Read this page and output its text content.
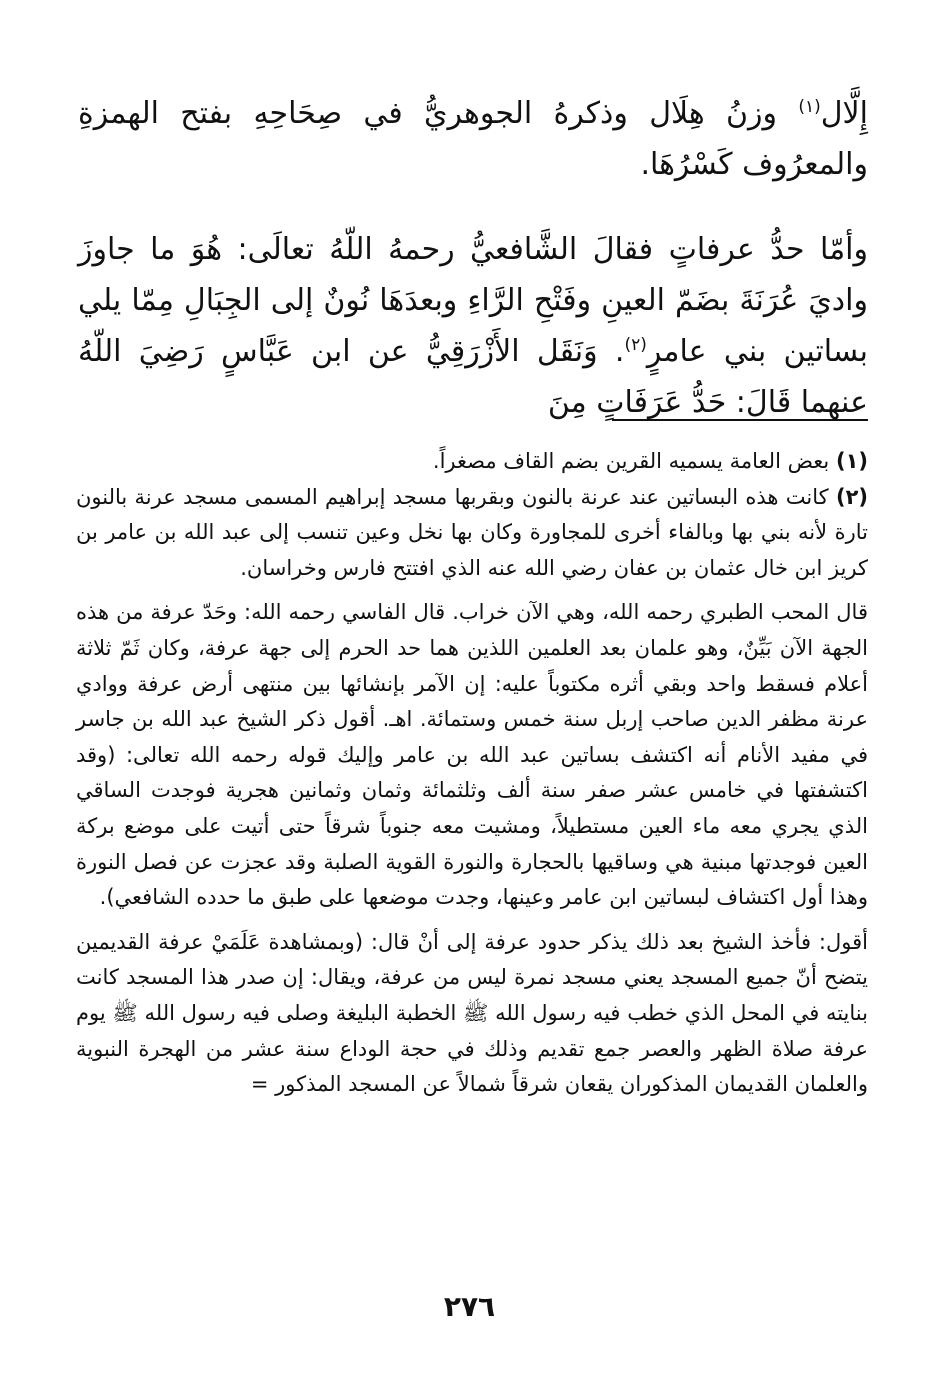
إِلَّال$^{(١)}$ وزنُ هِلَال وذكرهُ الجوهريُّ في صِحَاحِهِ بفتح الهمزةِ والمعرُوف كَسْرُهَا.

وأمّا حدُّ عرفاتٍ فقالَ الشَّافعيُّ رحمهُ اللّهُ تعالَى: هُوَ ما جاوزَ واديَ عُرَنَةَ بضَمّ العينِ وفَتْحِ الرَّاءِ وبعدَهَا نُونٌ إلى الجِبَالِ مِمّا يلي بساتين بني عامرٍ$^{(٢)}$. وَنَقَل الأَزْرَقِيُّ عن ابن عَبَّاسٍ رَضِيَ اللّهُ عنهما قَالَ: حَدُّ عَرَفَاتٍ مِنَ

(١) بعض العامة يسميه القرين بضم القاف مصغراً.

(٢) كانت هذه البساتين عند عرنة بالنون وبقربها مسجد إبراهيم المسمى مسجد عرنة بالنون تارة لأنه بني بها وبالفاء أخرى للمجاورة وكان بها نخل وعين تنسب إلى عبد الله بن عامر بن كريز ابن خال عثمان بن عفان رضي الله عنه الذي افتتح فارس وخراسان.

قال المحب الطبري رحمه الله، وهي الآن خراب. قال الفاسي رحمه الله: وحَدّ عرفة من هذه الجهة الآن بَيِّنٌ، وهو علمان بعد العلمين اللذين هما حد الحرم إلى جهة عرفة، وكان ثَمّ ثلاثة أعلام فسقط واحد وبقي أثره مكتوباً عليه: إن الآمر بإنشائها بين منتهى أرض عرفة ووادي عرنة مظفر الدين صاحب إربل سنة خمس وستمائة. اهـ. أقول ذكر الشيخ عبد الله بن جاسر في مفيد الأنام أنه اكتشف بساتين عبد الله بن عامر وإليك قوله رحمه الله تعالى: (وقد اكتشفتها في خامس عشر صفر سنة ألف وثلثمائة وثمان وثمانين هجرية فوجدت الساقي الذي يجري معه ماء العين مستطيلاً، ومشيت معه جنوباً شرقاً حتى أتيت على موضع بركة العين فوجدتها مبنية هي وساقيها بالحجارة والنورة القوية الصلبة وقد عجزت عن فصل النورة وهذا أول اكتشاف لبساتين ابن عامر وعينها، وجدت موضعها على طبق ما حدده الشافعي).

أقول: فأخذ الشيخ بعد ذلك يذكر حدود عرفة إلى أنْ قال: (وبمشاهدة عَلَمَيْ عرفة القديمين يتضح أنّ جميع المسجد يعني مسجد نمرة ليس من عرفة، ويقال: إن صدر هذا المسجد كانت بنايته في المحل الذي خطب فيه رسول الله ﷺ الخطبة البليغة وصلى فيه رسول الله ﷺ يوم عرفة صلاة الظهر والعصر جمع تقديم وذلك في حجة الوداع سنة عشر من الهجرة النبوية والعلمان القديمان المذكوران يقعان شرقاً شمالاً عن المسجد المذكور =

٢٧٦
